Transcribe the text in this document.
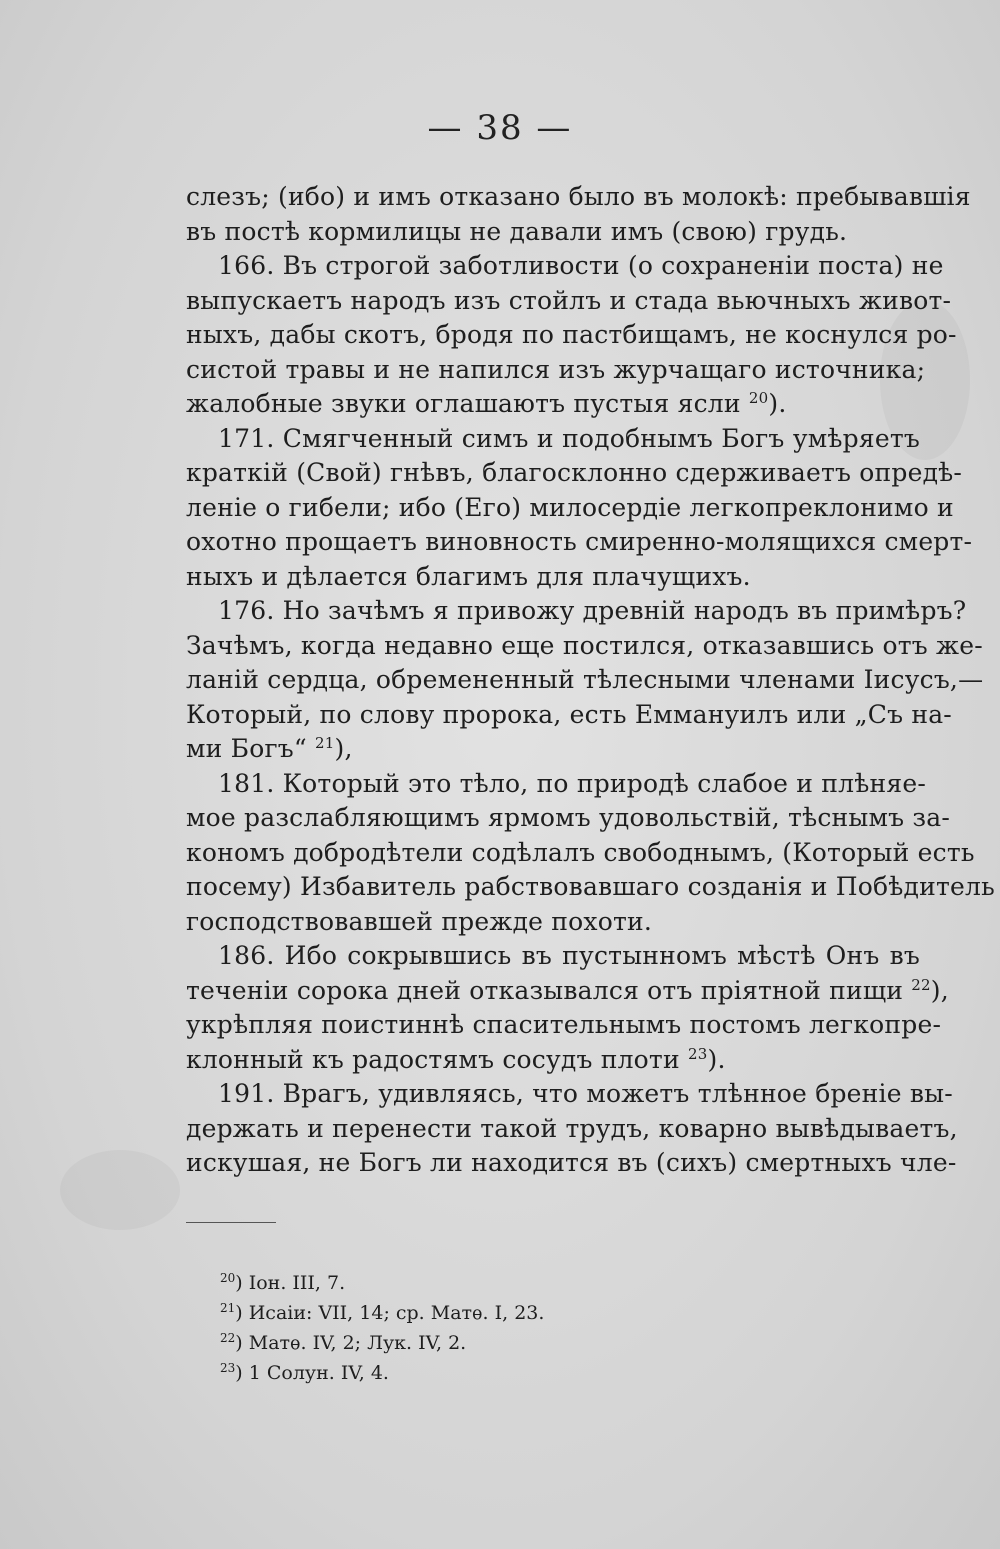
— 38 —
слезъ; (ибо) и имъ отказано было въ молокѣ: пребывавшія
въ постѣ кормилицы не давали имъ (свою) грудь.
166. Въ строгой заботливости (о сохраненіи поста) не
выпускаетъ народъ изъ стойлъ и стада вьючныхъ живот-
ныхъ, дабы скотъ, бродя по пастбищамъ, не коснулся ро-
систой травы и не напился изъ журчащаго источника;
жалобные звуки оглашаютъ пустыя ясли $^{20}$).
171. Смягченный симъ и подобнымъ Богъ умѣряетъ
краткій (Свой) гнѣвъ, благосклонно сдерживаетъ опредѣ-
леніе о гибели; ибо (Его) милосердіе легкопреклонимо и
охотно прощаетъ виновность смиренно-молящихся смерт-
ныхъ и дѣлается благимъ для плачущихъ.
176. Но зачѣмъ я привожу древній народъ въ примѣръ?
Зачѣмъ, когда недавно еще постился, отказавшись отъ же-
ланій сердца, обремененный тѣлесными членами Іисусъ,—
Который, по слову пророка, есть Еммануилъ или „Съ на-
ми Богъ“ $^{21}$),
181. Который это тѣло, по природѣ слабое и плѣняе-
мое разслабляющимъ ярмомъ удовольствій, тѣснымъ за-
кономъ добродѣтели содѣлалъ свободнымъ, (Который есть
посему) Избавитель рабствовавшаго созданія и Побѣдитель
господствовавшей прежде похоти.
186. Ибо сокрывшись въ пустынномъ мѣстѣ Онъ въ
теченіи сорока дней отказывался отъ пріятной пищи $^{22}$),
укрѣпляя поистиннѣ спасительнымъ постомъ легкопре-
клонный къ радостямъ сосудъ плоти $^{23}$).
191. Врагъ, удивляясь, что можетъ тлѣнное бреніе вы-
держать и перенести такой трудъ, коварно вывѣдываетъ,
искушая, не Богъ ли находится въ (сихъ) смертныхъ чле-
$^{20}$) Іон. III, 7.
$^{21}$) Исаіи: VII, 14; ср. Матѳ. I, 23.
$^{22}$) Матѳ. IV, 2; Лук. IV, 2.
$^{23}$) 1 Солун. IV, 4.
